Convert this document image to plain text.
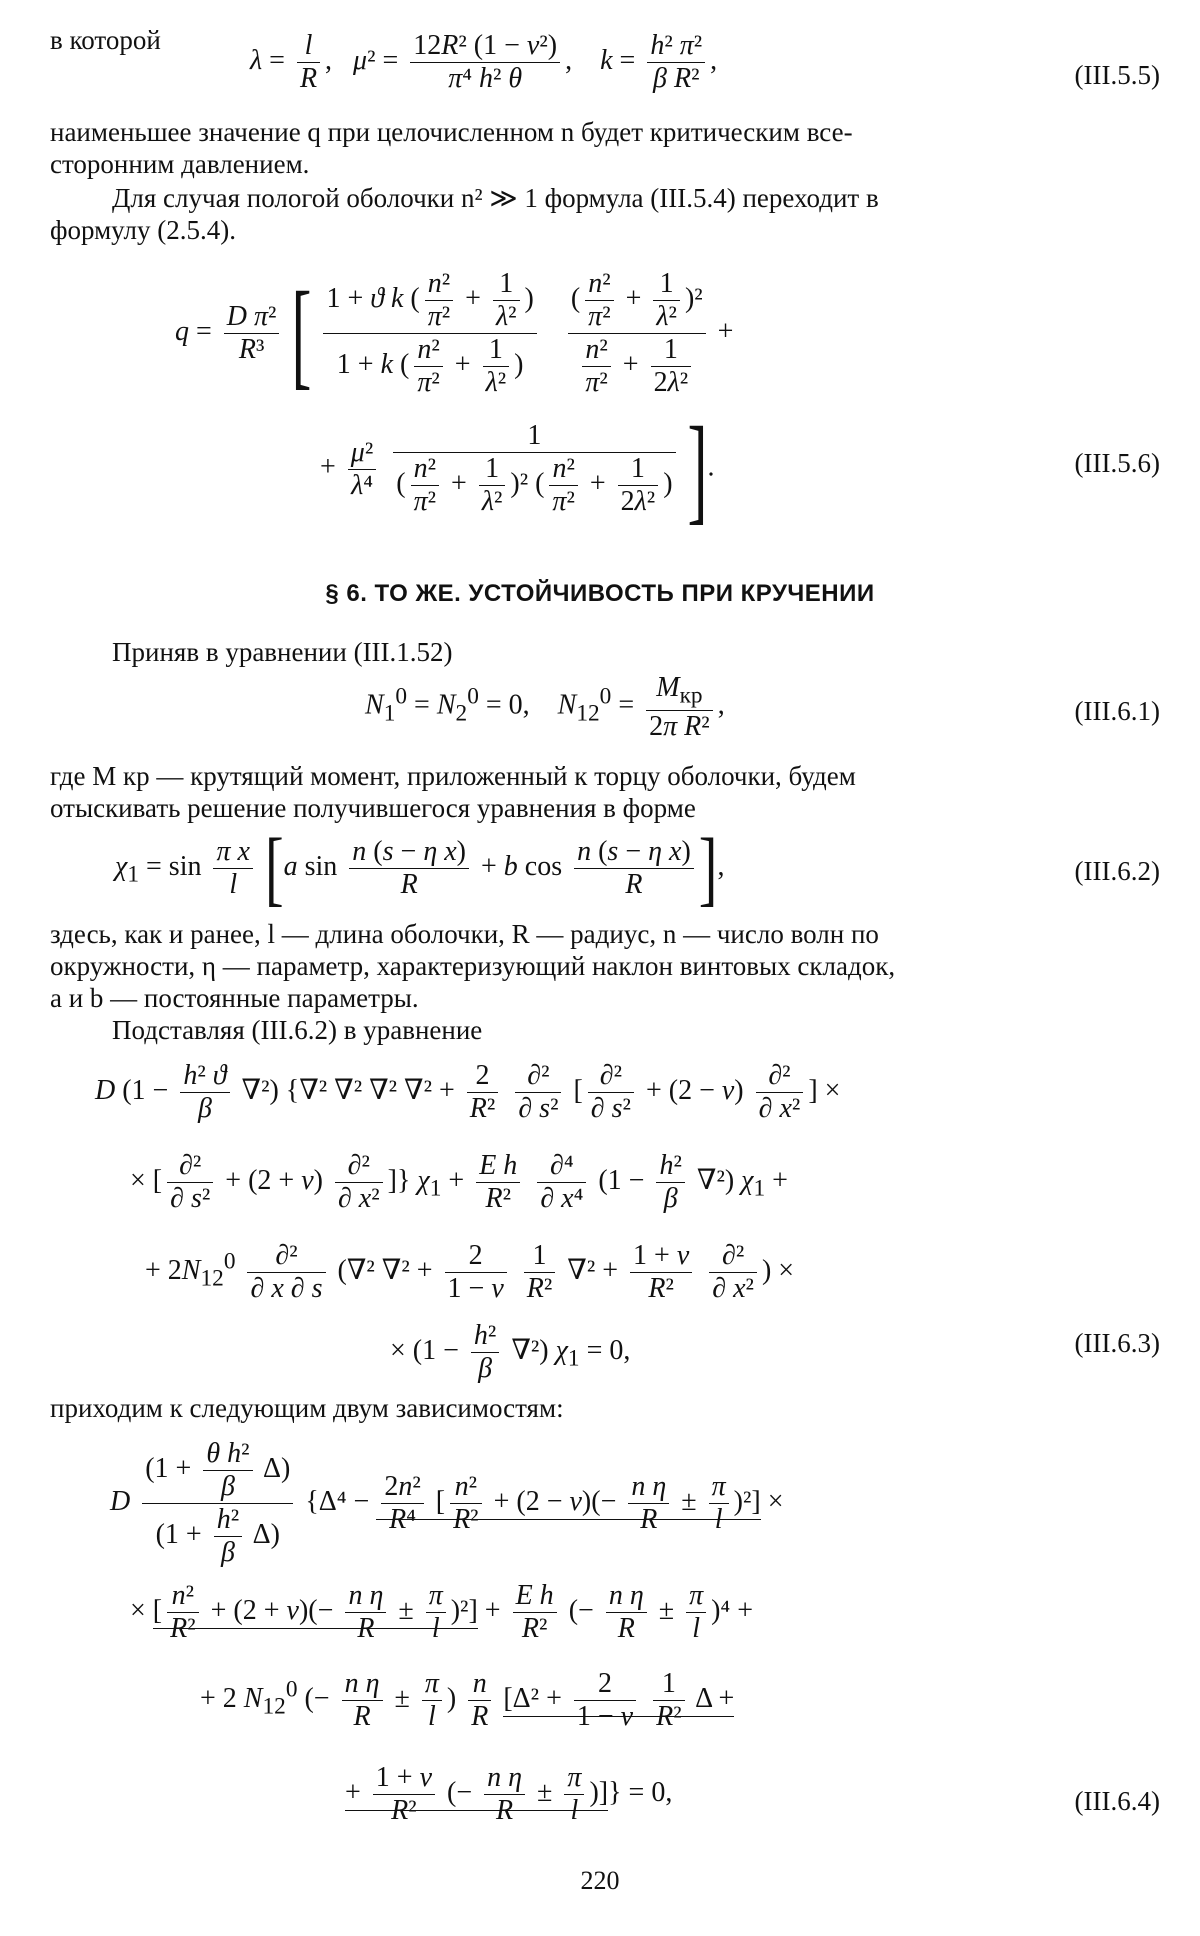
в которой
$\lambda = \frac{l}{R}$ ,   $\mu^2 = \frac{\text{12R² (1 − ν²)}}{\text{π⁴ h² θ}}$ ,    $k = \frac{\text{h² π²}}{\text{β R²}}$ ,	(III.5.5)
наименьшее значение q при целочисленном n будет критическим все-
сторонним давлением.
Для случая пологой оболочки n² ≫ 1 формула (III.5.4) переходит в
формулу (2.5.4).
$q = \frac{\text{D π²}}{\text{R³}}$ [ $\frac{1 + ϑ k ( \frac{\text{n²}}{\text{π²}} + \frac{1}{\text{λ²}} )}{1 + k ( \frac{\text{n²}}{\text{π²}} + \frac{1}{\text{λ²}} )}$
$\frac{( \frac{\text{n²}}{\text{π²}} + \frac{1}{\text{λ²}} )^2}{\frac{\text{n²}}{\text{π²}} + \frac{1}{\text{2λ²}}}$ +
+ $\frac{\text{μ²}}{\text{λ⁴}}$
$\frac{1}{( \frac{\text{n²}}{\text{π²}} + \frac{1}{\text{λ²}} )^2 ( \frac{\text{n²}}{\text{π²}} + \frac{1}{\text{2λ²}} )}$ ].	(III.5.6)
§ 6. ТО ЖЕ. УСТОЙЧИВОСТЬ ПРИ КРУЧЕНИИ
Приняв в уравнении (III.1.52)
$N_1^0 = N_2^0 = 0$,    $N_{12}^0 = \frac{M_{кр}}{\text{2π R²}}$ ,	(III.6.1)
где M кр — крутящий момент, приложенный к торцу оболочки, будем
отыскивать решение получившегося уравнения в форме
$\chi_1 = \sin \frac{\text{π x}}{l} [a$ $\sin \frac{\text{n (s − η x)}}{R} + b$ $\cos \frac{\text{n (s − η x)}}{R}$ ],	(III.6.2)
здесь, как и ранее, l — длина оболочки, R — радиус, n — число волн по
окружности, η — параметр, характеризующий наклон винтовых складок,
a и b — постоянные параметры.
Подставляя (III.6.2) в уравнение
D $(1 - \frac{\text{h² ϑ}}{\beta} \nabla^2)$ {∇² ∇² ∇² $\nabla^2 + \frac{2}{\text{R²}}$
$\frac{\text{∂²}}{\text{∂ s²}}$ [ $\frac{\text{∂²}}{\text{∂ s²}} + (2 - \nu) \frac{\text{∂²}}{\text{∂ x²}}$ ] ×
× [ $\frac{\text{∂²}}{\text{∂ s²}} + (2 + \nu) \frac{\text{∂²}}{\text{∂ x²}}$ ]} $\chi_1 + \frac{\text{E h}}{\text{R²}}$
$\frac{\text{∂⁴}}{\text{∂ x⁴}} (1 - \frac{\text{h²}}{\beta} \nabla^2) \chi_1$ +
+ $2N_{12}^0 \frac{\text{∂²}}{\partial x \partial s} (\nabla^2$ $\nabla^2 + \frac{2}{1 - \nu}$
$\frac{1}{\text{R²}} \nabla^2 + \frac{1 + \nu}{\text{R²}}$
$\frac{\text{∂²}}{\text{∂ x²}}$ ) ×
× $(1 - \frac{\text{h²}}{\beta} \nabla^2)$ $\chi_1 = 0$,	(III.6.3)
приходим к следующим двум зависимостям:
D $\frac{(1 + \frac{\text{θ h²}}{\beta} \Delta)}{(1 + \frac{\text{h²}}{\beta} \Delta)} \{\Delta^4 - \frac{\text{2n²}}{\text{R⁴}}$ [ $\frac{\text{n²}}{\text{R²}} + (2 - \nu)(- \frac{\text{n η}}{R} \pm \frac{\pi}{l} )^2$] ×
× [ $\frac{\text{n²}}{\text{R²}} + (2 + \nu)(- \frac{\text{n η}}{R} \pm \frac{\pi}{l} )^2] + \frac{\text{E h}}{\text{R²}}$ (− $\frac{\text{n η}}{R} \pm \frac{\pi}{l} )^4$ +
+ 2 $N_{12}^0$ (− $\frac{\text{n η}}{R} \pm \frac{\pi}{l}$ ) $\frac{n}{R} [\Delta^2 + \frac{2}{1 - \nu}$
$\frac{1}{\text{R²}}$ Δ +
+ $\frac{1 + \nu}{\text{R²}}$ (− $\frac{\text{n η}}{R} \pm \frac{\pi}{l}$ )]} = 0,	(III.6.4)
220
